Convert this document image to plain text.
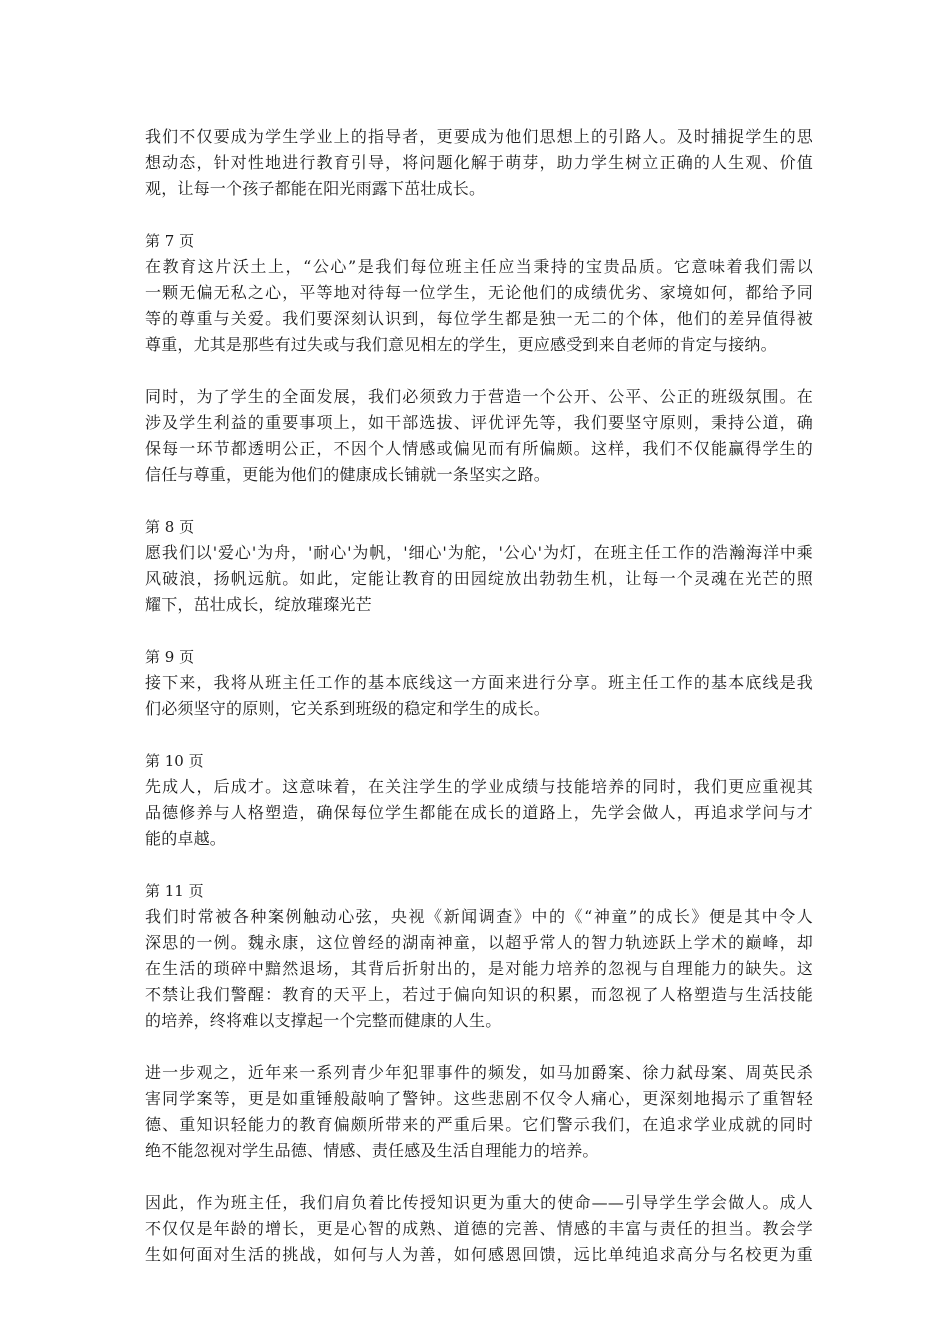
我们不仅要成为学生学业上的指导者，更要成为他们思想上的引路人。及时捕捉学生的思
想动态，针对性地进行教育引导，将问题化解于萌芽，助力学生树立正确的人生观、价值
观，让每一个孩子都能在阳光雨露下茁壮成长。
第 7 页
在教育这片沃土上，“公心”是我们每位班主任应当秉持的宝贵品质。它意味着我们需以
一颗无偏无私之心，平等地对待每一位学生，无论他们的成绩优劣、家境如何，都给予同
等的尊重与关爱。我们要深刻认识到，每位学生都是独一无二的个体，他们的差异值得被
尊重，尤其是那些有过失或与我们意见相左的学生，更应感受到来自老师的肯定与接纳。
同时，为了学生的全面发展，我们必须致力于营造一个公开、公平、公正的班级氛围。在
涉及学生利益的重要事项上，如干部选拔、评优评先等，我们要坚守原则，秉持公道，确
保每一环节都透明公正，不因个人情感或偏见而有所偏颇。这样，我们不仅能赢得学生的
信任与尊重，更能为他们的健康成长铺就一条坚实之路。
第 8 页
愿我们以'爱心'为舟，'耐心'为帆，'细心'为舵，'公心'为灯，在班主任工作的浩瀚海洋中乘
风破浪，扬帆远航。如此，定能让教育的田园绽放出勃勃生机，让每一个灵魂在光芒的照
耀下，茁壮成长，绽放璀璨光芒
第 9 页
接下来，我将从班主任工作的基本底线这一方面来进行分享。班主任工作的基本底线是我
们必须坚守的原则，它关系到班级的稳定和学生的成长。
第 10 页
先成人，后成才。这意味着，在关注学生的学业成绩与技能培养的同时，我们更应重视其
品德修养与人格塑造，确保每位学生都能在成长的道路上，先学会做人，再追求学问与才
能的卓越。
第 11 页
我们时常被各种案例触动心弦，央视《新闻调查》中的《“神童”的成长》便是其中令人
深思的一例。魏永康，这位曾经的湖南神童，以超乎常人的智力轨迹跃上学术的巅峰，却
在生活的琐碎中黯然退场，其背后折射出的，是对能力培养的忽视与自理能力的缺失。这
不禁让我们警醒：教育的天平上，若过于偏向知识的积累，而忽视了人格塑造与生活技能
的培养，终将难以支撑起一个完整而健康的人生。
进一步观之，近年来一系列青少年犯罪事件的频发，如马加爵案、徐力弑母案、周英民杀
害同学案等，更是如重锤般敲响了警钟。这些悲剧不仅令人痛心，更深刻地揭示了重智轻
德、重知识轻能力的教育偏颇所带来的严重后果。它们警示我们，在追求学业成就的同时
绝不能忽视对学生品德、情感、责任感及生活自理能力的培养。
因此，作为班主任，我们肩负着比传授知识更为重大的使命——引导学生学会做人。成人
不仅仅是年龄的增长，更是心智的成熟、道德的完善、情感的丰富与责任的担当。教会学
生如何面对生活的挑战，如何与人为善，如何感恩回馈，远比单纯追求高分与名校更为重
